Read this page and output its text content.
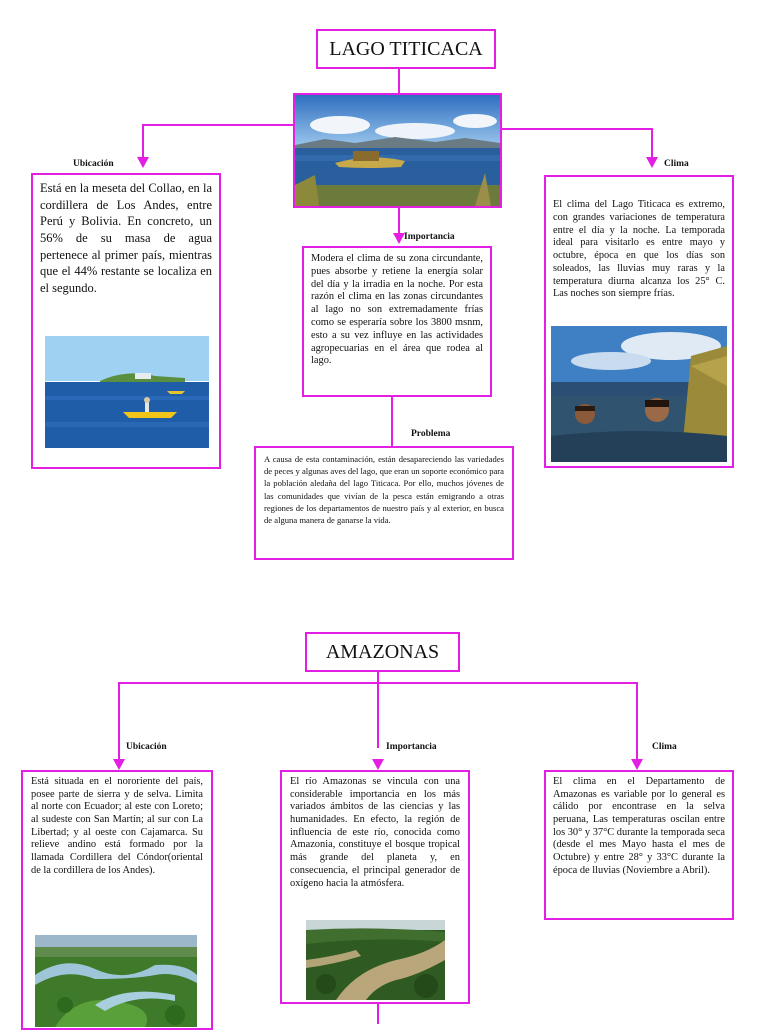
LAGO TITICACA
Ubicación
Está en la meseta del Collao, en la cordillera de Los Andes, entre Perú y Bolivia. En concreto, un 56% de su masa de agua pertenece al primer país, mientras que el 44% restante se localiza en el segundo.
Importancia
Modera el clima de su zona circundante, pues absorbe y retiene la energía solar del día y la irradia en la noche. Por esta razón el clima en las zonas circundantes al lago no son extremadamente frías como se esperaría sobre los 3800 msnm, esto a su vez influye en las actividades agropecuarias en el área que rodea al lago.
Clima
El clima del Lago Titicaca es extremo, con grandes variaciones de temperatura entre el día y la noche. La temporada ideal para visitarlo es entre mayo y octubre, época en que los días son soleados, las lluvias muy raras y la temperatura diurna alcanza los 25° C. Las noches son siempre frías.
Problema
A causa de esta contaminación, están desapareciendo las variedades de peces y algunas aves del lago, que eran un soporte económico para la población aledaña del lago Titicaca. Por ello, muchos jóvenes de las comunidades que vivían de la pesca están emigrando a otras regiones de los departamentos de nuestro país y al exterior, en busca de alguna manera de ganarse la vida.
AMAZONAS
Ubicación
Está situada en el nororiente del país, posee parte de sierra y de selva. Limita al norte con Ecuador; al este con Loreto; al sudeste con San Martín; al sur con La Libertad; y al oeste con Cajamarca. Su relieve andino está formado por la llamada Cordillera del Cóndor(oriental de la cordillera de los Andes).
Importancia
El río Amazonas se vincula con una considerable importancia en los más variados ámbitos de las ciencias y las humanidades. En efecto, la región de influencia de este río, conocida como Amazonia, constituye el bosque tropical más grande del planeta y, en consecuencia, el principal generador de oxígeno hacia la atmósfera.
Clima
El clima en el Departamento de Amazonas es variable por lo general es cálido por encontrase en la selva peruana, Las temperaturas oscilan entre los 30° y 37°C durante la temporada seca (desde el mes Mayo hasta el mes de Octubre) y entre 28° y 33°C durante la época de lluvias (Noviembre a Abril).
